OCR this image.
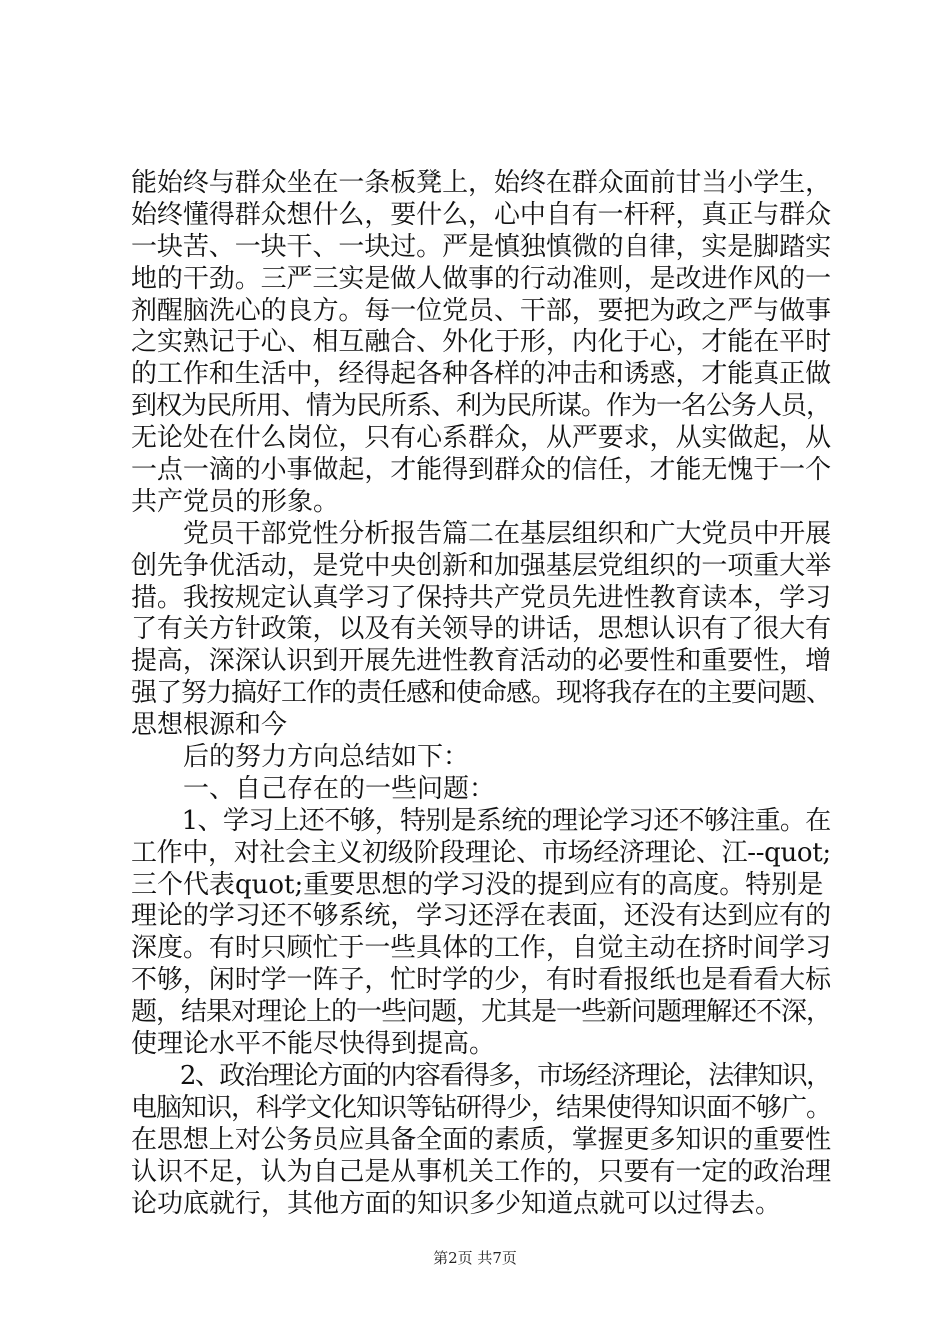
能始终与群众坐在一条板凳上，始终在群众面前甘当小学生，

始终懂得群众想什么，要什么，心中自有一杆秤，真正与群众

一块苦、一块干、一块过。严是慎独慎微的自律，实是脚踏实

地的干劲。三严三实是做人做事的行动准则，是改进作风的一

剂醒脑洗心的良方。每一位党员、干部，要把为政之严与做事

之实熟记于心、相互融合、外化于形，内化于心，才能在平时

的工作和生活中，经得起各种各样的冲击和诱惑，才能真正做

到权为民所用、情为民所系、利为民所谋。作为一名公务人员，

无论处在什么岗位，只有心系群众，从严要求，从实做起，从

一点一滴的小事做起，才能得到群众的信任，才能无愧于一个

共产党员的形象。

　　党员干部党性分析报告篇二在基层组织和广大党员中开展

创先争优活动，是党中央创新和加强基层党组织的一项重大举

措。我按规定认真学习了保持共产党员先进性教育读本，学习

了有关方针政策，以及有关领导的讲话，思想认识有了很大有

提高，深深认识到开展先进性教育活动的必要性和重要性，增

强了努力搞好工作的责任感和使命感。现将我存在的主要问题、

思想根源和今

　　后的努力方向总结如下：

　　一、自己存在的一些问题：

　　1、学习上还不够，特别是系统的理论学习还不够注重。在

工作中，对社会主义初级阶段理论、市场经济理论、江--quot;

三个代表quot;重要思想的学习没的提到应有的高度。特别是

理论的学习还不够系统，学习还浮在表面，还没有达到应有的

深度。有时只顾忙于一些具体的工作，自觉主动在挤时间学习

不够，闲时学一阵子，忙时学的少，有时看报纸也是看看大标

题，结果对理论上的一些问题，尤其是一些新问题理解还不深，

使理论水平不能尽快得到提高。

　　2、政治理论方面的内容看得多，市场经济理论，法律知识，

电脑知识，科学文化知识等钻研得少，结果使得知识面不够广。

在思想上对公务员应具备全面的素质，掌握更多知识的重要性

认识不足，认为自己是从事机关工作的，只要有一定的政治理

论功底就行，其他方面的知识多少知道点就可以过得去。

第2页 共7页
